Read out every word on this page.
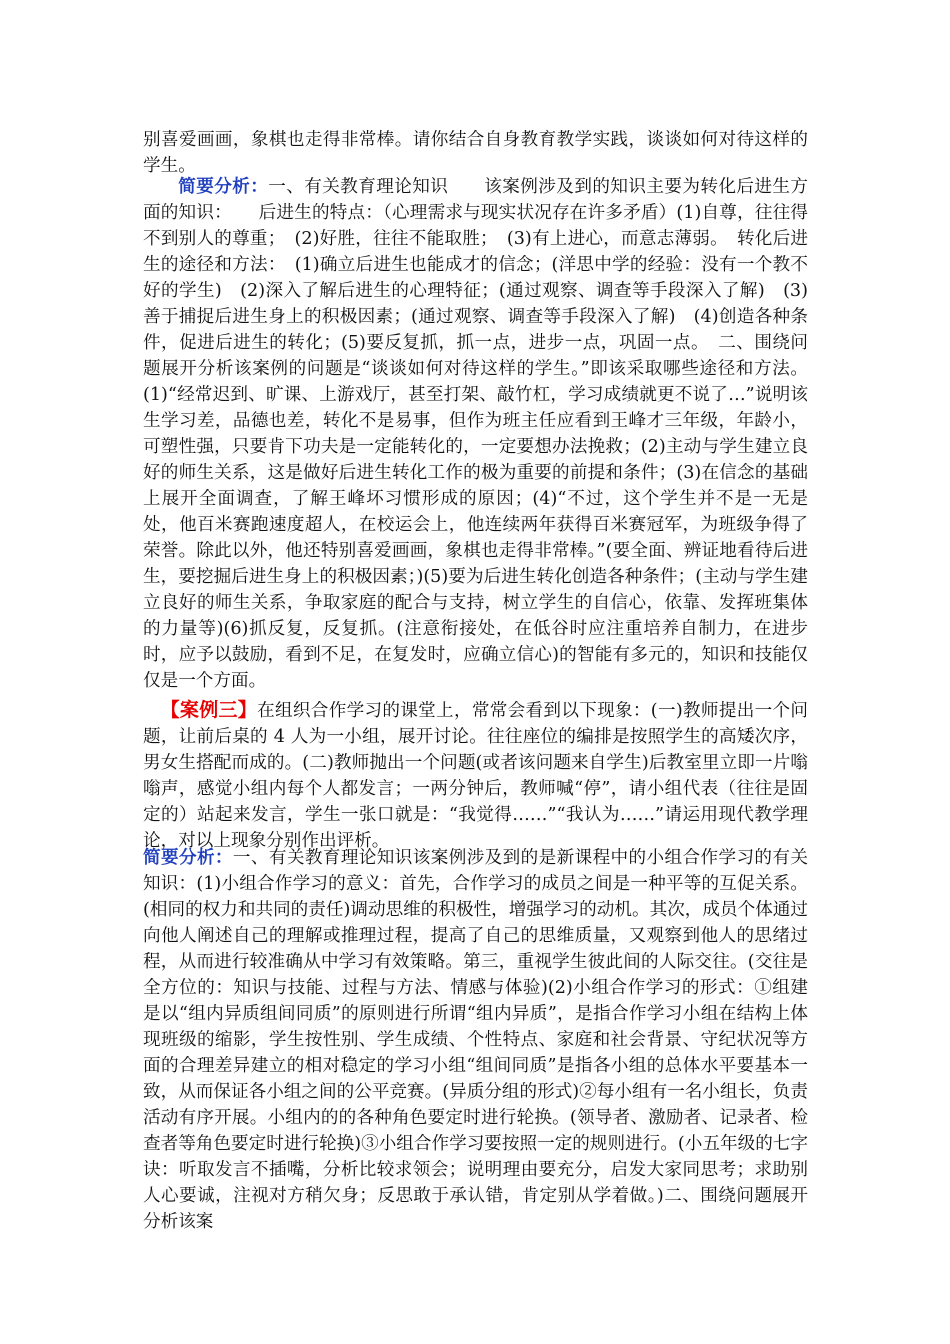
别喜爱画画，象棋也走得非常棒。请你结合自身教育教学实践，谈谈如何对待这样的学生。

简要分析：一、有关教育理论知识　　该案例涉及到的知识主要为转化后进生方面的知识：　　后进生的特点：（心理需求与现实状况存在许多矛盾）(1)自尊，往往得不到别人的尊重；　(2)好胜，往往不能取胜；　(3)有上进心，而意志薄弱。　转化后进生的途径和方法：　(1)确立后进生也能成才的信念；(洋思中学的经验：没有一个教不好的学生)　(2)深入了解后进生的心理特征；(通过观察、调查等手段深入了解)　(3)善于捕捉后进生身上的积极因素；(通过观察、调查等手段深入了解)　(4)创造各种条件，促进后进生的转化；(5)要反复抓，抓一点，进步一点，巩固一点。　二、围绕问题展开分析该案例的问题是“谈谈如何对待这样的学生。”即该采取哪些途径和方法。(1)“经常迟到、旷课、上游戏厅，甚至打架、敲竹杠，学习成绩就更不说了…”说明该生学习差，品德也差，转化不是易事，但作为班主任应看到王峰才三年级，年龄小，可塑性强，只要肯下功夫是一定能转化的，一定要想办法挽救；(2)主动与学生建立良好的师生关系，这是做好后进生转化工作的极为重要的前提和条件；(3)在信念的基础上展开全面调查，了解王峰坏习惯形成的原因；(4)“不过，这个学生并不是一无是处，他百米赛跑速度超人，在校运会上，他连续两年获得百米赛冠军，为班级争得了荣誉。除此以外，他还特别喜爱画画，象棋也走得非常棒。”(要全面、辨证地看待后进生，要挖掘后进生身上的积极因素；)(5)要为后进生转化创造各种条件；(主动与学生建立良好的师生关系，争取家庭的配合与支持，树立学生的自信心，依靠、发挥班集体的力量等)(6)抓反复，反复抓。(注意衔接处，在低谷时应注重培养自制力，在进步时，应予以鼓励，看到不足，在复发时，应确立信心)的智能有多元的，知识和技能仅仅是一个方面。

【案例三】在组织合作学习的课堂上，常常会看到以下现象：(一)教师提出一个问题，让前后桌的 4 人为一小组，展开讨论。往往座位的编排是按照学生的高矮次序，男女生搭配而成的。(二)教师抛出一个问题(或者该问题来自学生)后教室里立即一片嗡嗡声，感觉小组内每个人都发言；一两分钟后，教师喊“停”，请小组代表（往往是固定的）站起来发言，学生一张口就是：“我觉得‥‥‥”“我认为‥‥‥”请运用现代教学理论，对以上现象分别作出评析。

简要分析：一、有关教育理论知识该案例涉及到的是新课程中的小组合作学习的有关知识：(1)小组合作学习的意义：首先，合作学习的成员之间是一种平等的互促关系。(相同的权力和共同的责任)调动思维的积极性，增强学习的动机。其次，成员个体通过向他人阐述自己的理解或推理过程，提高了自己的思维质量，又观察到他人的思绪过程，从而进行较准确从中学习有效策略。第三，重视学生彼此间的人际交往。(交往是全方位的：知识与技能、过程与方法、情感与体验)(2)小组合作学习的形式：①组建是以“组内异质组间同质”的原则进行所谓“组内异质”，是指合作学习小组在结构上体现班级的缩影，学生按性别、学生成绩、个性特点、家庭和社会背景、守纪状况等方面的合理差异建立的相对稳定的学习小组“组间同质”是指各小组的总体水平要基本一致，从而保证各小组之间的公平竞赛。(异质分组的形式)②每小组有一名小组长，负责活动有序开展。小组内的的各种角色要定时进行轮换。(领导者、激励者、记录者、检查者等角色要定时进行轮换)③小组合作学习要按照一定的规则进行。(小五年级的七字诀：听取发言不插嘴，分析比较求领会；说明理由要充分，启发大家同思考；求助别人心要诚，注视对方稍欠身；反思敢于承认错，肯定别从学着做。)二、围绕问题展开分析该案
